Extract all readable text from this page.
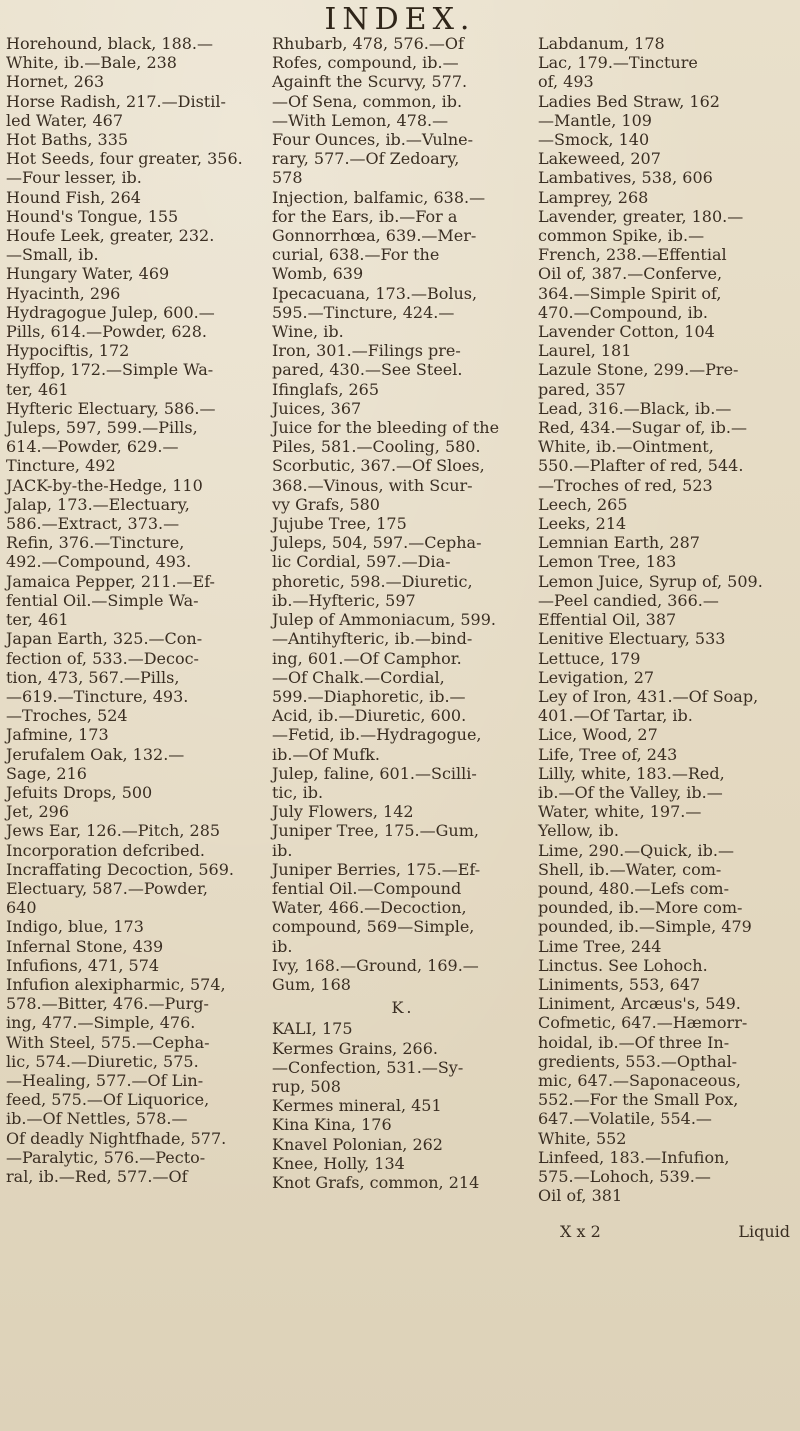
INDEX.

Horehound, black, 188.—

White, ib.—Bale, 238

Hornet, 263

Horse Radish, 217.—Distil-

led Water, 467

Hot Baths, 335

Hot Seeds, four greater, 356.

—Four lesser, ib.

Hound Fish, 264

Hound's Tongue, 155

Houfe Leek, greater, 232.

—Small, ib.

Hungary Water, 469

Hyacinth, 296

Hydragogue Julep, 600.—

Pills, 614.—Powder, 628.

Hypociftis, 172

Hyffop, 172.—Simple Wa-

ter, 461

Hyfteric Electuary, 586.—

Juleps, 597, 599.—Pills,

614.—Powder, 629.—

Tincture, 492

JACK-by-the-Hedge, 110

Jalap, 173.—Electuary,

586.—Extract, 373.—

Refin, 376.—Tincture,

492.—Compound, 493.

Jamaica Pepper, 211.—Ef-

fential Oil.—Simple Wa-

ter, 461

Japan Earth, 325.—Con-

fection of, 533.—Decoc-

tion, 473, 567.—Pills,

—619.—Tincture, 493.

—Troches, 524

Jafmine, 173

Jerufalem Oak, 132.—

Sage, 216

Jefuits Drops, 500

Jet, 296

Jews Ear, 126.—Pitch, 285

Incorporation defcribed.

Incraffating Decoction, 569.

Electuary, 587.—Powder,

640

Indigo, blue, 173

Infernal Stone, 439

Infufions, 471, 574

Infufion alexipharmic, 574,

578.—Bitter, 476.—Purg-

ing, 477.—Simple, 476.

With Steel, 575.—Cepha-

lic, 574.—Diuretic, 575.

—Healing, 577.—Of Lin-

feed, 575.—Of Liquorice,

ib.—Of Nettles, 578.—

Of deadly Nightfhade, 577.

—Paralytic, 576.—Pecto-

ral, ib.—Red, 577.—Of

Rhubarb, 478, 576.—Of

Rofes, compound, ib.—

Againft the Scurvy, 577.

—Of Sena, common, ib.

—With Lemon, 478.—

Four Ounces, ib.—Vulne-

rary, 577.—Of Zedoary,

578

Injection, balfamic, 638.—

for the Ears, ib.—For a

Gonnorrhœa, 639.—Mer-

curial, 638.—For the

Womb, 639

Ipecacuana, 173.—Bolus,

595.—Tincture, 424.—

Wine, ib.

Iron, 301.—Filings pre-

pared, 430.—See Steel.

Ifinglafs, 265

Juices, 367

Juice for the bleeding of the

Piles, 581.—Cooling, 580.

Scorbutic, 367.—Of Sloes,

368.—Vinous, with Scur-

vy Grafs, 580

Jujube Tree, 175

Juleps, 504, 597.—Cepha-

lic Cordial, 597.—Dia-

phoretic, 598.—Diuretic,

ib.—Hyfteric, 597

Julep of Ammoniacum, 599.

—Antihyfteric, ib.—bind-

ing, 601.—Of Camphor.

—Of Chalk.—Cordial,

599.—Diaphoretic, ib.—

Acid, ib.—Diuretic, 600.

—Fetid, ib.—Hydragogue,

ib.—Of Mufk.

Julep, faline, 601.—Scilli-

tic, ib.

July Flowers, 142

Juniper Tree, 175.—Gum,

ib.

Juniper Berries, 175.—Ef-

fential Oil.—Compound

Water, 466.—Decoction,

compound, 569—Simple,

ib.

Ivy, 168.—Ground, 169.—

Gum, 168

K.

KALI, 175

Kermes Grains, 266.

—Confection, 531.—Sy-

rup, 508

Kermes mineral, 451

Kina Kina, 176

Knavel Polonian, 262

Knee, Holly, 134

Knot Grafs, common, 214

Labdanum, 178

Lac, 179.—Tincture

of, 493

Ladies Bed Straw, 162

—Mantle, 109

—Smock, 140

Lakeweed, 207

Lambatives, 538, 606

Lamprey, 268

Lavender, greater, 180.—

common Spike, ib.—

French, 238.—Effential

Oil of, 387.—Conferve,

364.—Simple Spirit of,

470.—Compound, ib.

Lavender Cotton, 104

Laurel, 181

Lazule Stone, 299.—Pre-

pared, 357

Lead, 316.—Black, ib.—

Red, 434.—Sugar of, ib.—

White, ib.—Ointment,

550.—Plafter of red, 544.

—Troches of red, 523

Leech, 265

Leeks, 214

Lemnian Earth, 287

Lemon Tree, 183

Lemon Juice, Syrup of, 509.

—Peel candied, 366.—

Effential Oil, 387

Lenitive Electuary, 533

Lettuce, 179

Levigation, 27

Ley of Iron, 431.—Of Soap,

401.—Of Tartar, ib.

Lice, Wood, 27

Life, Tree of, 243

Lilly, white, 183.—Red,

ib.—Of the Valley, ib.—

Water, white, 197.—

Yellow, ib.

Lime, 290.—Quick, ib.—

Shell, ib.—Water, com-

pound, 480.—Lefs com-

pounded, ib.—More com-

pounded, ib.—Simple, 479

Lime Tree, 244

Linctus. See Lohoch.

Liniments, 553, 647

Liniment, Arcæus's, 549.

Cofmetic, 647.—Hæmorr-

hoidal, ib.—Of three In-

gredients, 553.—Opthal-

mic, 647.—Saponaceous,

552.—For the Small Pox,

647.—Volatile, 554.—

White, 552

Linfeed, 183.—Infufion,

575.—Lohoch, 539.—

Oil of, 381

X x 2	Liquid
